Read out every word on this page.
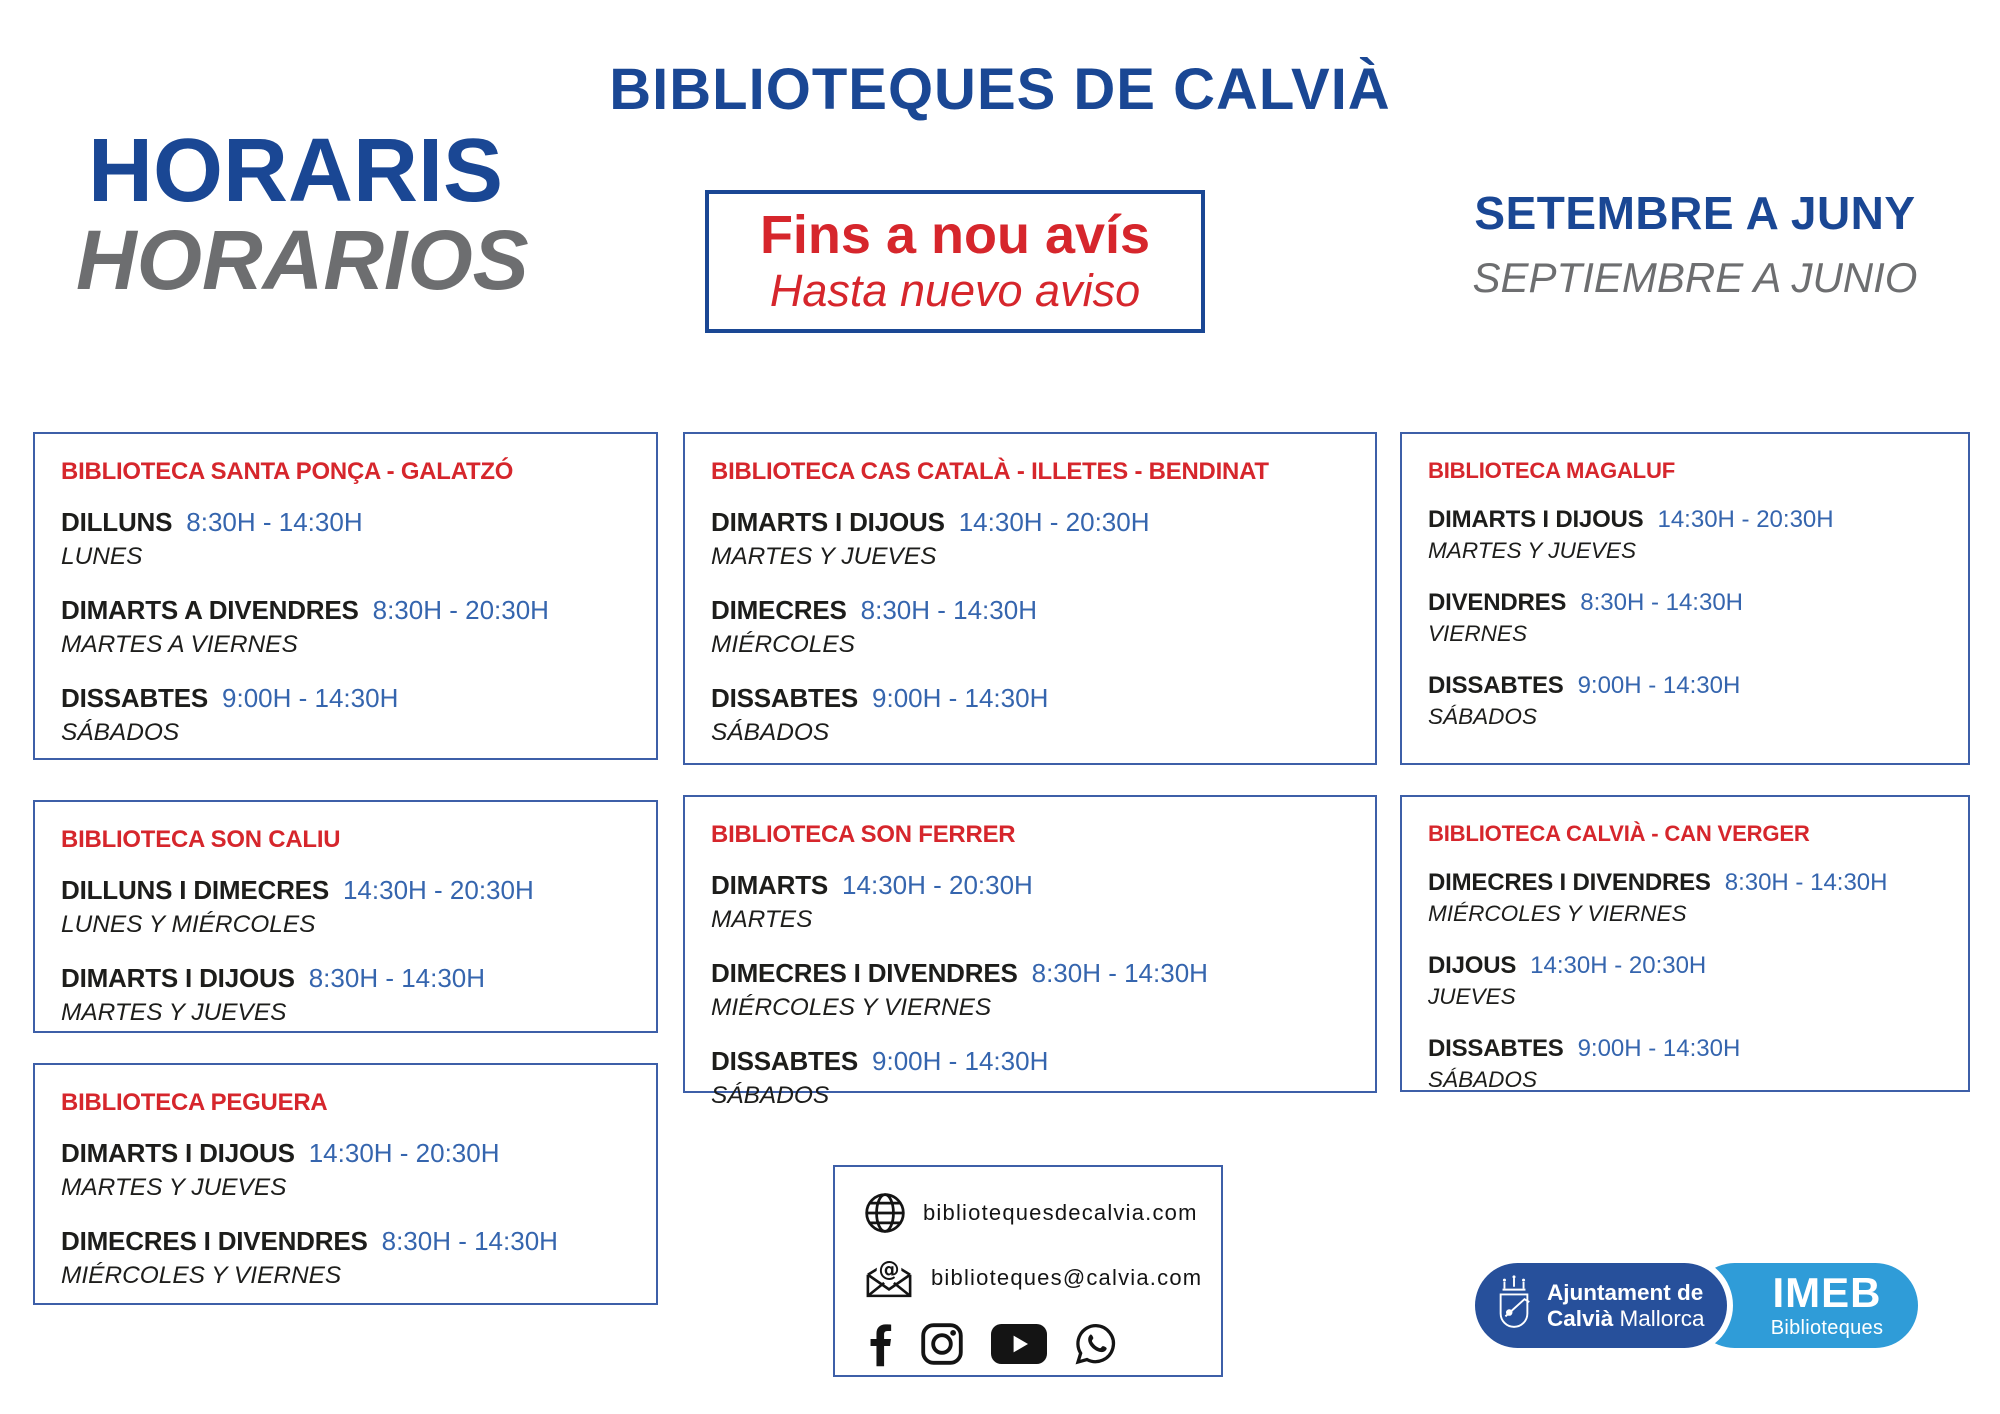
BIBLIOTEQUES DE CALVIÀ
HORARIS
HORARIOS	Fins a nou avís
Hasta nuevo aviso
SETEMBRE A JUNY
SEPTIEMBRE A JUNIO
BIBLIOTECA SANTA PONÇA - GALATZÓ
DILLUNS 8:30H - 14:30H
LUNES
DIMARTS A DIVENDRES 8:30H - 20:30H
MARTES A VIERNES
DISSABTES 9:00H - 14:30H
SÁBADOS
BIBLIOTECA CAS CATALÀ - ILLETES - BENDINAT
DIMARTS I DIJOUS 14:30H - 20:30H
MARTES Y JUEVES
DIMECRES 8:30H - 14:30H
MIÉRCOLES
DISSABTES 9:00H - 14:30H
SÁBADOS
BIBLIOTECA MAGALUF
DIMARTS I DIJOUS 14:30H - 20:30H
MARTES Y JUEVES
DIVENDRES 8:30H - 14:30H
VIERNES
DISSABTES 9:00H - 14:30H
SÁBADOS
BIBLIOTECA SON CALIU
DILLUNS I DIMECRES 14:30H - 20:30H
LUNES Y MIÉRCOLES
DIMARTS I DIJOUS 8:30H - 14:30H
MARTES Y JUEVES
BIBLIOTECA SON FERRER
DIMARTS 14:30H - 20:30H
MARTES
DIMECRES I DIVENDRES 8:30H - 14:30H
MIÉRCOLES Y VIERNES
DISSABTES 9:00H - 14:30H
SÁBADOS
BIBLIOTECA CALVIÀ - CAN VERGER
DIMECRES I DIVENDRES 8:30H - 14:30H
MIÉRCOLES Y VIERNES
DIJOUS 14:30H - 20:30H
JUEVES
DISSABTES 9:00H - 14:30H
SÁBADOS
BIBLIOTECA PEGUERA
DIMARTS I DIJOUS 14:30H - 20:30H
MARTES Y JUEVES
DIMECRES I DIVENDRES 8:30H - 14:30H
MIÉRCOLES Y VIERNES
bibliotequesdecalvia.com
@ biblioteques@calvia.com	IMEB
Biblioteques
Ajuntament de
Calvià Mallorca
